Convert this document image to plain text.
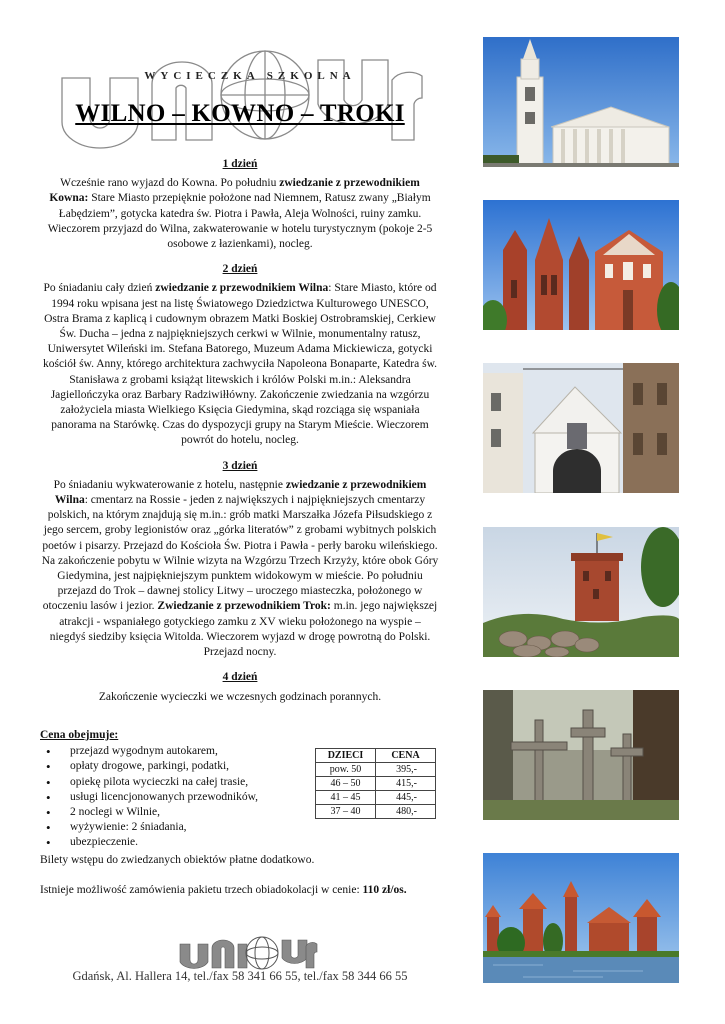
WYCIECZKA SZKOLNA
WILNO – KOWNO – TROKI
1 dzień
Wcześnie rano wyjazd do Kowna. Po południu zwiedzanie z przewodnikiem Kowna: Stare Miasto przepięknie położone nad Niemnem, Ratusz zwany „Białym Łabędziem”, gotycka katedra św. Piotra i Pawła, Aleja Wolności, ruiny zamku. Wieczorem przyjazd do Wilna, zakwaterowanie w hotelu turystycznym (pokoje 2-5 osobowe z łazienkami), nocleg.
2 dzień
Po śniadaniu cały dzień zwiedzanie z przewodnikiem Wilna: Stare Miasto, które od 1994 roku wpisana jest na listę Światowego Dziedzictwa Kulturowego UNESCO, Ostra Brama z kaplicą i cudownym obrazem Matki Boskiej Ostrobramskiej, Cerkiew Św. Ducha – jedna z najpiękniejszych cerkwi w Wilnie, monumentalny ratusz, Uniwersytet Wileński im. Stefana Batorego, Muzeum Adama Mickiewicza, gotycki kościół św. Anny, którego architektura zachwyciła Napoleona Bonaparte, Katedra św. Stanisława z grobami książąt litewskich i królów Polski m.in.: Aleksandra Jagiellończyka oraz Barbary Radziwiłłówny. Zakończenie zwiedzania na wzgórzu założyciela miasta Wielkiego Księcia Giedymina, skąd rozciąga się wspaniała panorama na Starówkę. Czas do dyspozycji grupy na Starym Mieście. Wieczorem powrót do hotelu, nocleg.
3 dzień
Po śniadaniu wykwaterowanie z hotelu, następnie zwiedzanie z przewodnikiem Wilna: cmentarz na Rossie - jeden z największych i najpiękniejszych cmentarzy polskich, na którym znajdują się m.in.: grób matki Marszałka Józefa Piłsudskiego z jego sercem, groby legionistów oraz „górka literatów” z grobami wybitnych polskich poetów i pisarzy. Przejazd do Kościoła Św. Piotra i Pawła - perły baroku wileńskiego. Na zakończenie pobytu w Wilnie wizyta na Wzgórzu Trzech Krzyży, które obok Góry Giedymina, jest najpiękniejszym punktem widokowym w mieście. Po południu przejazd do Trok – dawnej stolicy Litwy – uroczego miasteczka, położonego w otoczeniu lasów i jezior. Zwiedzanie z przewodnikiem Trok: m.in. jego największej atrakcji - wspaniałego gotyckiego zamku z XV wieku położonego na wyspie – niegdyś siedziby księcia Witolda. Wieczorem wyjazd w drogę powrotną do Polski. Przejazd nocny.
4 dzień
Zakończenie wycieczki we wczesnych godzinach porannych.
Cena obejmuje:
• przejazd wygodnym autokarem,
• opłaty drogowe, parkingi, podatki,
• opiekę pilota wycieczki na całej trasie,
• usługi licencjonowanych przewodników,
• 2 noclegi w Wilnie,
• wyżywienie: 2 śniadania,
• ubezpieczenie.
DZIECI	CENA
pow. 50	395,-
46 – 50	415,-
41 – 45	445,-
37 – 40	480,-

Bilety wstępu do zwiedzanych obiektów płatne dodatkowo.

Istnieje możliwość zamówienia pakietu trzech obiadokolacji w cenie: 110 zł/os.

Gdańsk, Al. Hallera 14, tel./fax 58 341 66 55, tel./fax 58 344 66 55
